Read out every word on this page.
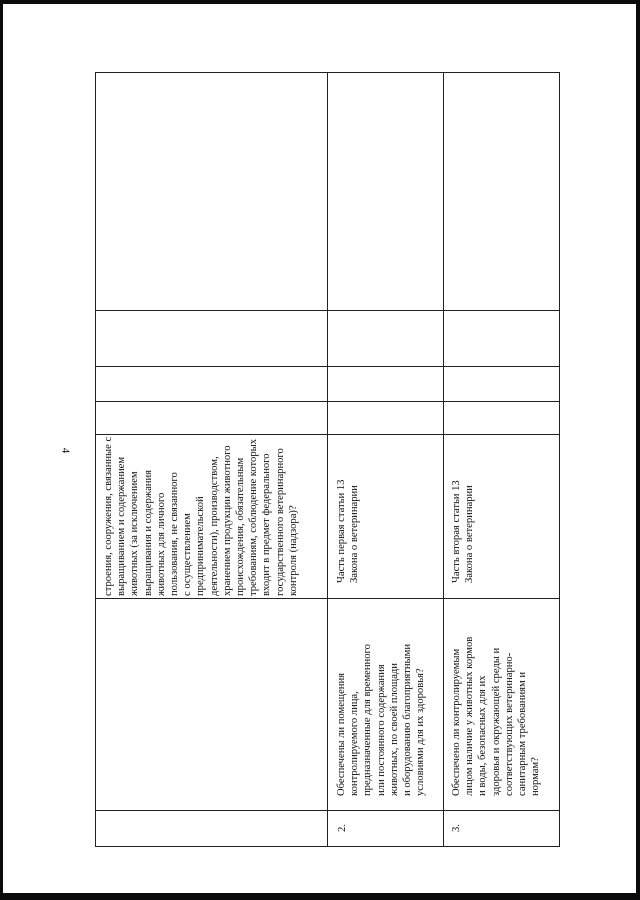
4
строения, сооружения, связанные с
выращиванием и содержанием
животных (за исключением
выращивания и содержания
животных для личного
пользования, не связанного
с осуществлением
предпринимательской
деятельности), производством,
хранением продукции животного
происхождения, обязательным
требованиям, соблюдение которых
входит в предмет федерального
государственного ветеринарного
контроля (надзора)?
2.
Обеспечены ли помещения
контролируемого лица,
предназначенные для временного
или постоянного содержания
животных, по своей площади
и оборудованию благоприятными
условиями для их здоровья?
Часть первая статьи 13
Закона о ветеринарии
3.
Обеспечено ли контролируемым
лицом наличие у животных кормов
и воды, безопасных для их
здоровья и окружающей среды и
соответствующих ветеринарно-
санитарным требованиям и
нормам?
Часть вторая статьи 13
Закона о ветеринарии
